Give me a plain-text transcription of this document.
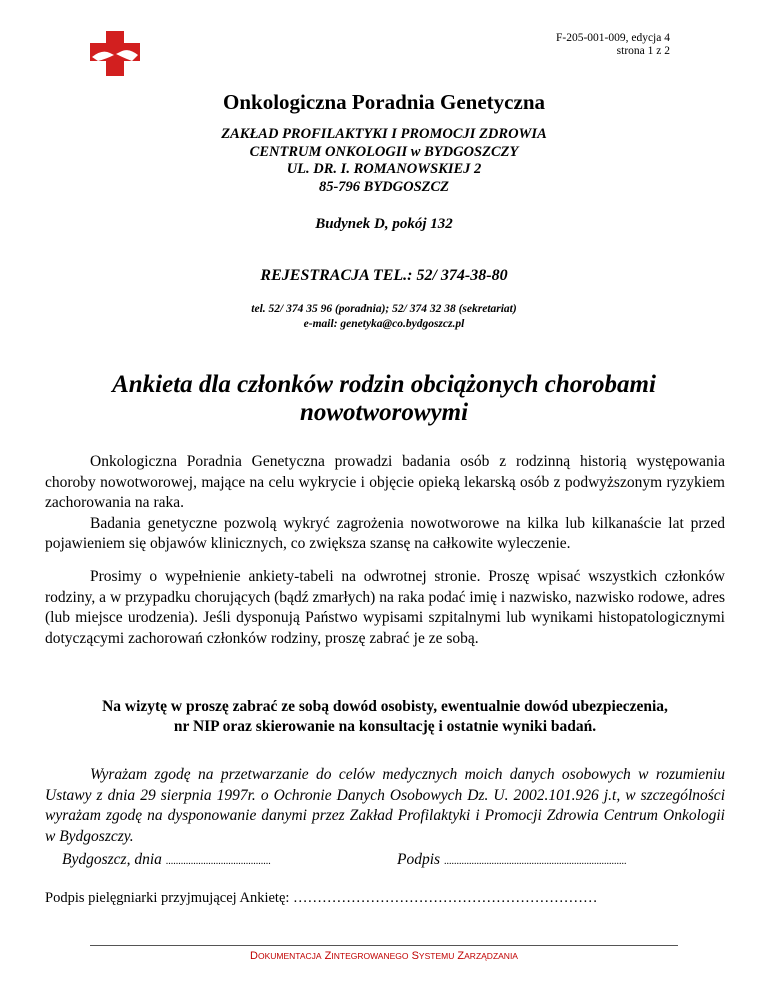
F-205-001-009, edycja 4
strona 1 z 2
Onkologiczna Poradnia Genetyczna
ZAKŁAD PROFILAKTYKI I PROMOCJI ZDROWIA
CENTRUM ONKOLOGII w BYDGOSZCZY
UL. DR. I. ROMANOWSKIEJ 2
85-796 BYDGOSZCZ
Budynek D, pokój 132
REJESTRACJA TEL.: 52/ 374-38-80
tel. 52/ 374 35 96 (poradnia); 52/ 374 32 38 (sekretariat)
e-mail: genetyka@co.bydgoszcz.pl
Ankieta dla członków rodzin obciążonych chorobami
nowotworowymi
Onkologiczna Poradnia Genetyczna prowadzi badania osób z rodzinną historią występowania choroby nowotworowej, mające na celu wykrycie i objęcie opieką lekarską osób z podwyższonym ryzykiem zachorowania na raka.
Badania genetyczne pozwolą wykryć zagrożenia nowotworowe na kilka lub kilkanaście lat przed pojawieniem się objawów klinicznych, co zwiększa szansę na całkowite wyleczenie.
Prosimy o wypełnienie ankiety-tabeli na odwrotnej stronie. Proszę wpisać wszystkich członków rodziny, a w przypadku chorujących (bądź zmarłych) na raka podać imię i nazwisko, nazwisko rodowe, adres (lub miejsce urodzenia). Jeśli dysponują Państwo wypisami szpitalnymi lub wynikami histopatologicznymi dotyczącymi zachorowań członków rodziny, proszę zabrać je ze sobą.
Na wizytę w proszę zabrać ze sobą dowód osobisty, ewentualnie dowód ubezpieczenia,
nr NIP oraz skierowanie na konsultację i ostatnie wyniki badań.
Wyrażam zgodę na przetwarzanie do celów medycznych moich danych osobowych w rozumieniu Ustawy z dnia 29 sierpnia 1997r. o Ochronie Danych Osobowych Dz. U. 2002.101.926 j.t, w szczególności wyrażam zgodę na dysponowanie danymi przez Zakład Profilaktyki i Promocji Zdrowia Centrum Onkologii w Bydgoszczy.
Bydgoszcz, dnia ..........................................	Podpis .........................................................................
Podpis pielęgniarki przyjmującej Ankietę: ………………………………………………………
DOKUMENTACJA ZINTEGROWANEGO SYSTEMU ZARZĄDZANIA
